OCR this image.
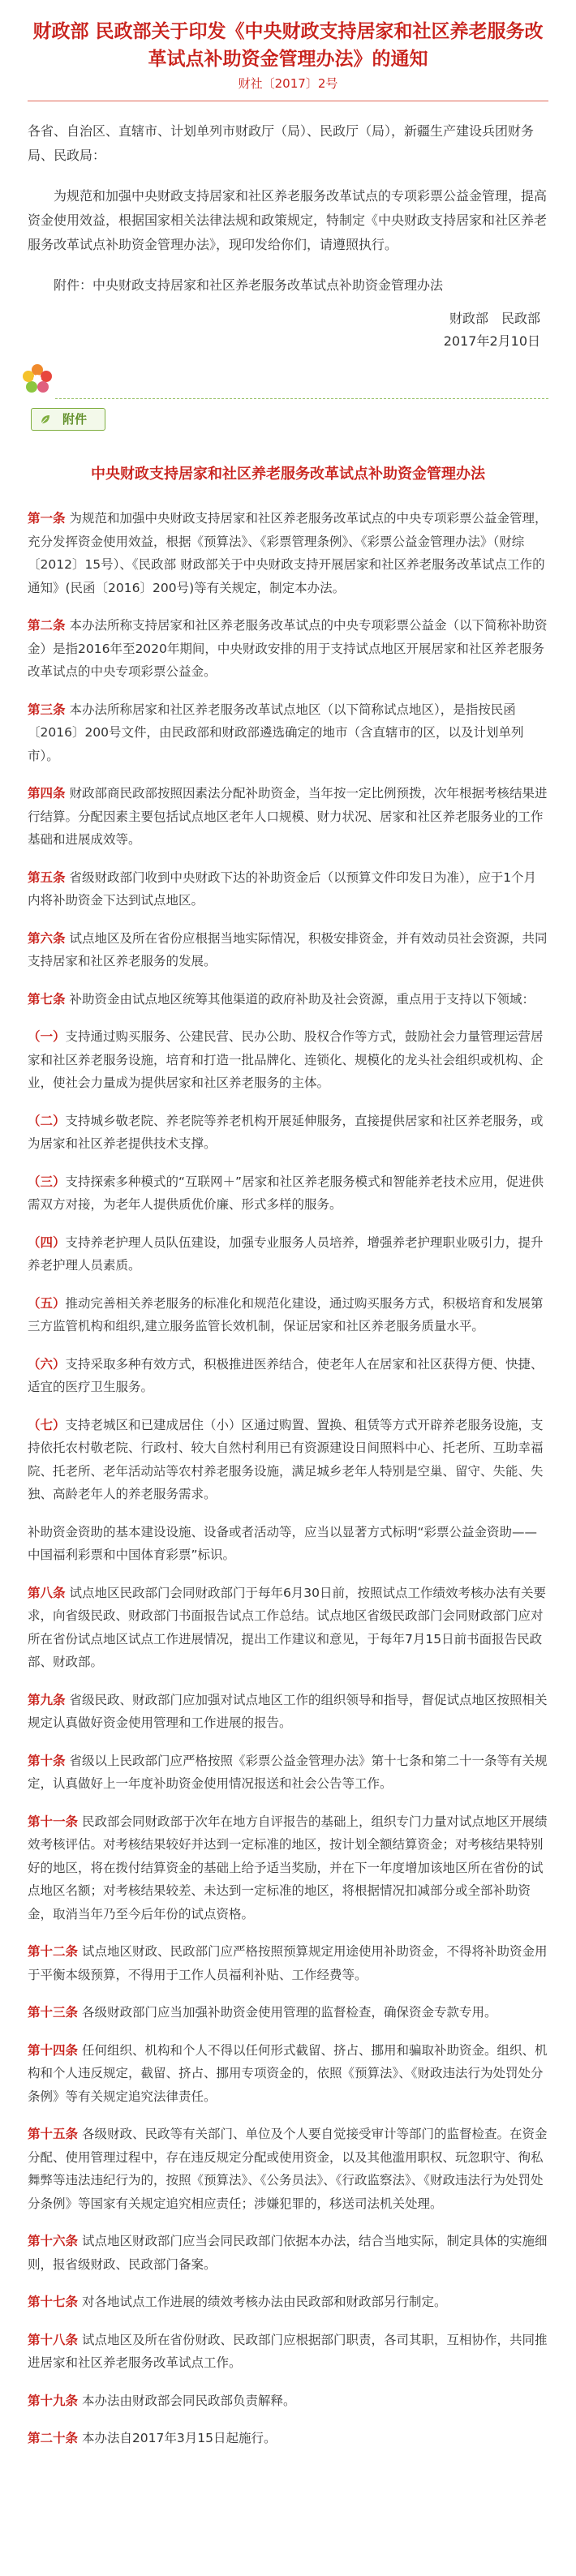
财政部 民政部关于印发《中央财政支持居家和社区养老服务改革试点补助资金管理办法》的通知
财社〔2017〕2号

各省、自治区、直辖市、计划单列市财政厅（局）、民政厅（局），新疆生产建设兵团财务局、民政局：

为规范和加强中央财政支持居家和社区养老服务改革试点的专项彩票公益金管理，提高资金使用效益，根据国家相关法律法规和政策规定，特制定《中央财政支持居家和社区养老服务改革试点补助资金管理办法》，现印发给你们，请遵照执行。

附件：中央财政支持居家和社区养老服务改革试点补助资金管理办法

财政部　民政部
2017年2月10日
附件
中央财政支持居家和社区养老服务改革试点补助资金管理办法

第一条 为规范和加强中央财政支持居家和社区养老服务改革试点的中央专项彩票公益金管理，充分发挥资金使用效益，根据《预算法》、《彩票管理条例》、《彩票公益金管理办法》（财综〔2012〕15号）、《民政部 财政部关于中央财政支持开展居家和社区养老服务改革试点工作的通知》(民函〔2016〕200号)等有关规定，制定本办法。

第二条 本办法所称支持居家和社区养老服务改革试点的中央专项彩票公益金（以下简称补助资金）是指2016年至2020年期间，中央财政安排的用于支持试点地区开展居家和社区养老服务改革试点的中央专项彩票公益金。

第三条 本办法所称居家和社区养老服务改革试点地区（以下简称试点地区），是指按民函〔2016〕200号文件，由民政部和财政部遴选确定的地市（含直辖市的区，以及计划单列市）。

第四条 财政部商民政部按照因素法分配补助资金，当年按一定比例预拨，次年根据考核结果进行结算。分配因素主要包括试点地区老年人口规模、财力状况、居家和社区养老服务业的工作基础和进展成效等。

第五条 省级财政部门收到中央财政下达的补助资金后（以预算文件印发日为准），应于1个月内将补助资金下达到试点地区。

第六条 试点地区及所在省份应根据当地实际情况，积极安排资金，并有效动员社会资源，共同支持居家和社区养老服务的发展。

第七条 补助资金由试点地区统筹其他渠道的政府补助及社会资源，重点用于支持以下领域：

（一）支持通过购买服务、公建民营、民办公助、股权合作等方式，鼓励社会力量管理运营居家和社区养老服务设施，培育和打造一批品牌化、连锁化、规模化的龙头社会组织或机构、企业，使社会力量成为提供居家和社区养老服务的主体。

（二）支持城乡敬老院、养老院等养老机构开展延伸服务，直接提供居家和社区养老服务，或为居家和社区养老提供技术支撑。

（三）支持探索多种模式的“互联网＋”居家和社区养老服务模式和智能养老技术应用，促进供需双方对接，为老年人提供质优价廉、形式多样的服务。

（四）支持养老护理人员队伍建设，加强专业服务人员培养，增强养老护理职业吸引力，提升养老护理人员素质。

（五）推动完善相关养老服务的标准化和规范化建设，通过购买服务方式，积极培育和发展第三方监管机构和组织,建立服务监管长效机制，保证居家和社区养老服务质量水平。

（六）支持采取多种有效方式，积极推进医养结合，使老年人在居家和社区获得方便、快捷、适宜的医疗卫生服务。

（七）支持老城区和已建成居住（小）区通过购置、置换、租赁等方式开辟养老服务设施，支持依托农村敬老院、行政村、较大自然村利用已有资源建设日间照料中心、托老所、互助幸福院、托老所、老年活动站等农村养老服务设施，满足城乡老年人特别是空巢、留守、失能、失独、高龄老年人的养老服务需求。

补助资金资助的基本建设设施、设备或者活动等，应当以显著方式标明“彩票公益金资助——中国福利彩票和中国体育彩票”标识。

第八条 试点地区民政部门会同财政部门于每年6月30日前，按照试点工作绩效考核办法有关要求，向省级民政、财政部门书面报告试点工作总结。试点地区省级民政部门会同财政部门应对所在省份试点地区试点工作进展情况，提出工作建议和意见，于每年7月15日前书面报告民政部、财政部。

第九条 省级民政、财政部门应加强对试点地区工作的组织领导和指导，督促试点地区按照相关规定认真做好资金使用管理和工作进展的报告。

第十条 省级以上民政部门应严格按照《彩票公益金管理办法》第十七条和第二十一条等有关规定，认真做好上一年度补助资金使用情况报送和社会公告等工作。

第十一条 民政部会同财政部于次年在地方自评报告的基础上，组织专门力量对试点地区开展绩效考核评估。对考核结果较好并达到一定标准的地区，按计划全额结算资金；对考核结果特别好的地区，将在拨付结算资金的基础上给予适当奖励，并在下一年度增加该地区所在省份的试点地区名额；对考核结果较差、未达到一定标准的地区，将根据情况扣减部分或全部补助资金，取消当年乃至今后年份的试点资格。

第十二条 试点地区财政、民政部门应严格按照预算规定用途使用补助资金，不得将补助资金用于平衡本级预算，不得用于工作人员福利补贴、工作经费等。

第十三条 各级财政部门应当加强补助资金使用管理的监督检查，确保资金专款专用。

第十四条 任何组织、机构和个人不得以任何形式截留、挤占、挪用和骗取补助资金。组织、机构和个人违反规定，截留、挤占、挪用专项资金的，依照《预算法》、《财政违法行为处罚处分条例》等有关规定追究法律责任。

第十五条 各级财政、民政等有关部门、单位及个人要自觉接受审计等部门的监督检查。在资金分配、使用管理过程中，存在违反规定分配或使用资金，以及其他滥用职权、玩忽职守、徇私舞弊等违法违纪行为的，按照《预算法》、《公务员法》、《行政监察法》、《财政违法行为处罚处分条例》等国家有关规定追究相应责任；涉嫌犯罪的，移送司法机关处理。

第十六条 试点地区财政部门应当会同民政部门依据本办法，结合当地实际，制定具体的实施细则，报省级财政、民政部门备案。

第十七条 对各地试点工作进展的绩效考核办法由民政部和财政部另行制定。

第十八条 试点地区及所在省份财政、民政部门应根据部门职责，各司其职，互相协作，共同推进居家和社区养老服务改革试点工作。

第十九条 本办法由财政部会同民政部负责解释。

第二十条 本办法自2017年3月15日起施行。
